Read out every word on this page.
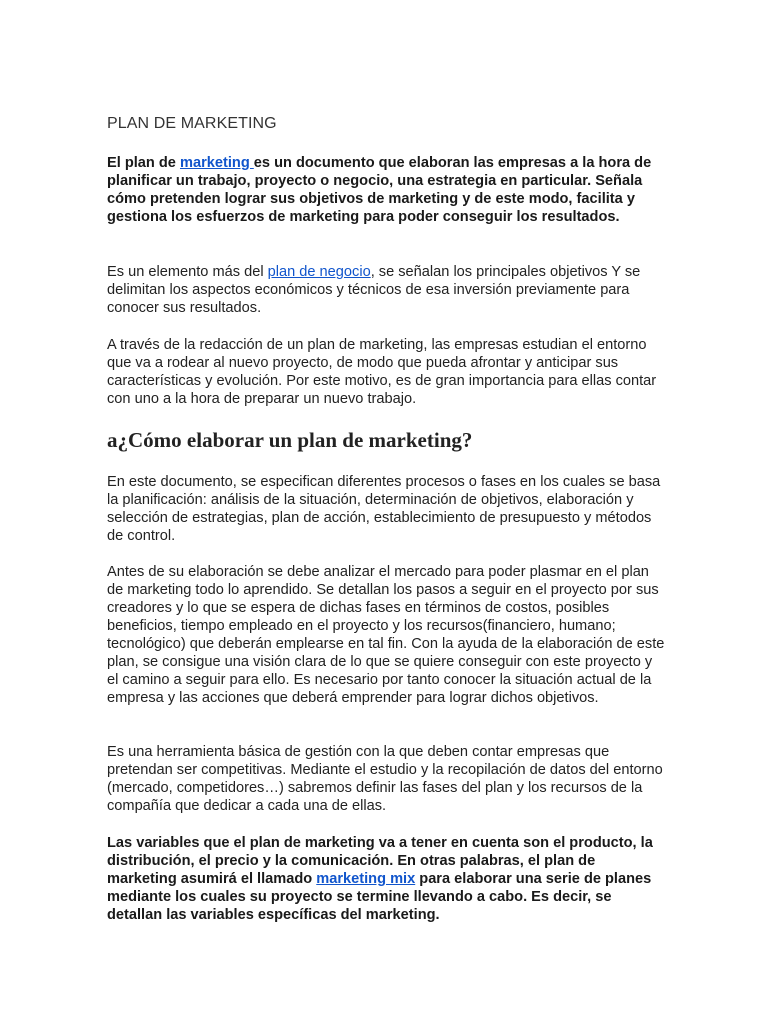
PLAN DE MARKETING

El plan de marketing es un documento que elaboran las empresas a la hora de planificar un trabajo, proyecto o negocio, una estrategia en particular. Señala cómo pretenden lograr sus objetivos de marketing y de este modo, facilita y gestiona los esfuerzos de marketing para poder conseguir los resultados.

Es un elemento más del plan de negocio, se señalan los principales objetivos Y se delimitan los aspectos económicos y técnicos de esa inversión previamente para conocer sus resultados.

A través de la redacción de un plan de marketing, las empresas estudian el entorno que va a rodear al nuevo proyecto, de modo que pueda afrontar y anticipar sus características y evolución. Por este motivo, es de gran importancia para ellas contar con uno a la hora de preparar un nuevo trabajo.

a¿Cómo elaborar un plan de marketing?

En este documento, se especifican diferentes procesos o fases en los cuales se basa la planificación: análisis de la situación, determinación de objetivos, elaboración y selección de estrategias, plan de acción, establecimiento de presupuesto y métodos de control.

Antes de su elaboración se debe analizar el mercado para poder plasmar en el plan de marketing todo lo aprendido. Se detallan los pasos a seguir en el proyecto por sus creadores y lo que se espera de dichas fases en términos de costos, posibles beneficios, tiempo empleado en el proyecto y los recursos(financiero, humano; tecnológico) que deberán emplearse en tal fin. Con la ayuda de la elaboración de este plan, se consigue una visión clara de lo que se quiere conseguir con este proyecto y el camino a seguir para ello. Es necesario por tanto conocer la situación actual de la empresa y las acciones que deberá emprender para lograr dichos objetivos.

Es una herramienta básica de gestión con la que deben contar empresas que pretendan ser competitivas. Mediante el estudio y la recopilación de datos del entorno (mercado, competidores…) sabremos definir las fases del plan y los recursos de la compañía que dedicar a cada una de ellas.

Las variables que el plan de marketing va a tener en cuenta son el producto, la distribución, el precio y la comunicación. En otras palabras, el plan de marketing asumirá el llamado marketing mix para elaborar una serie de planes mediante los cuales su proyecto se termine llevando a cabo. Es decir, se detallan las variables específicas del marketing.
